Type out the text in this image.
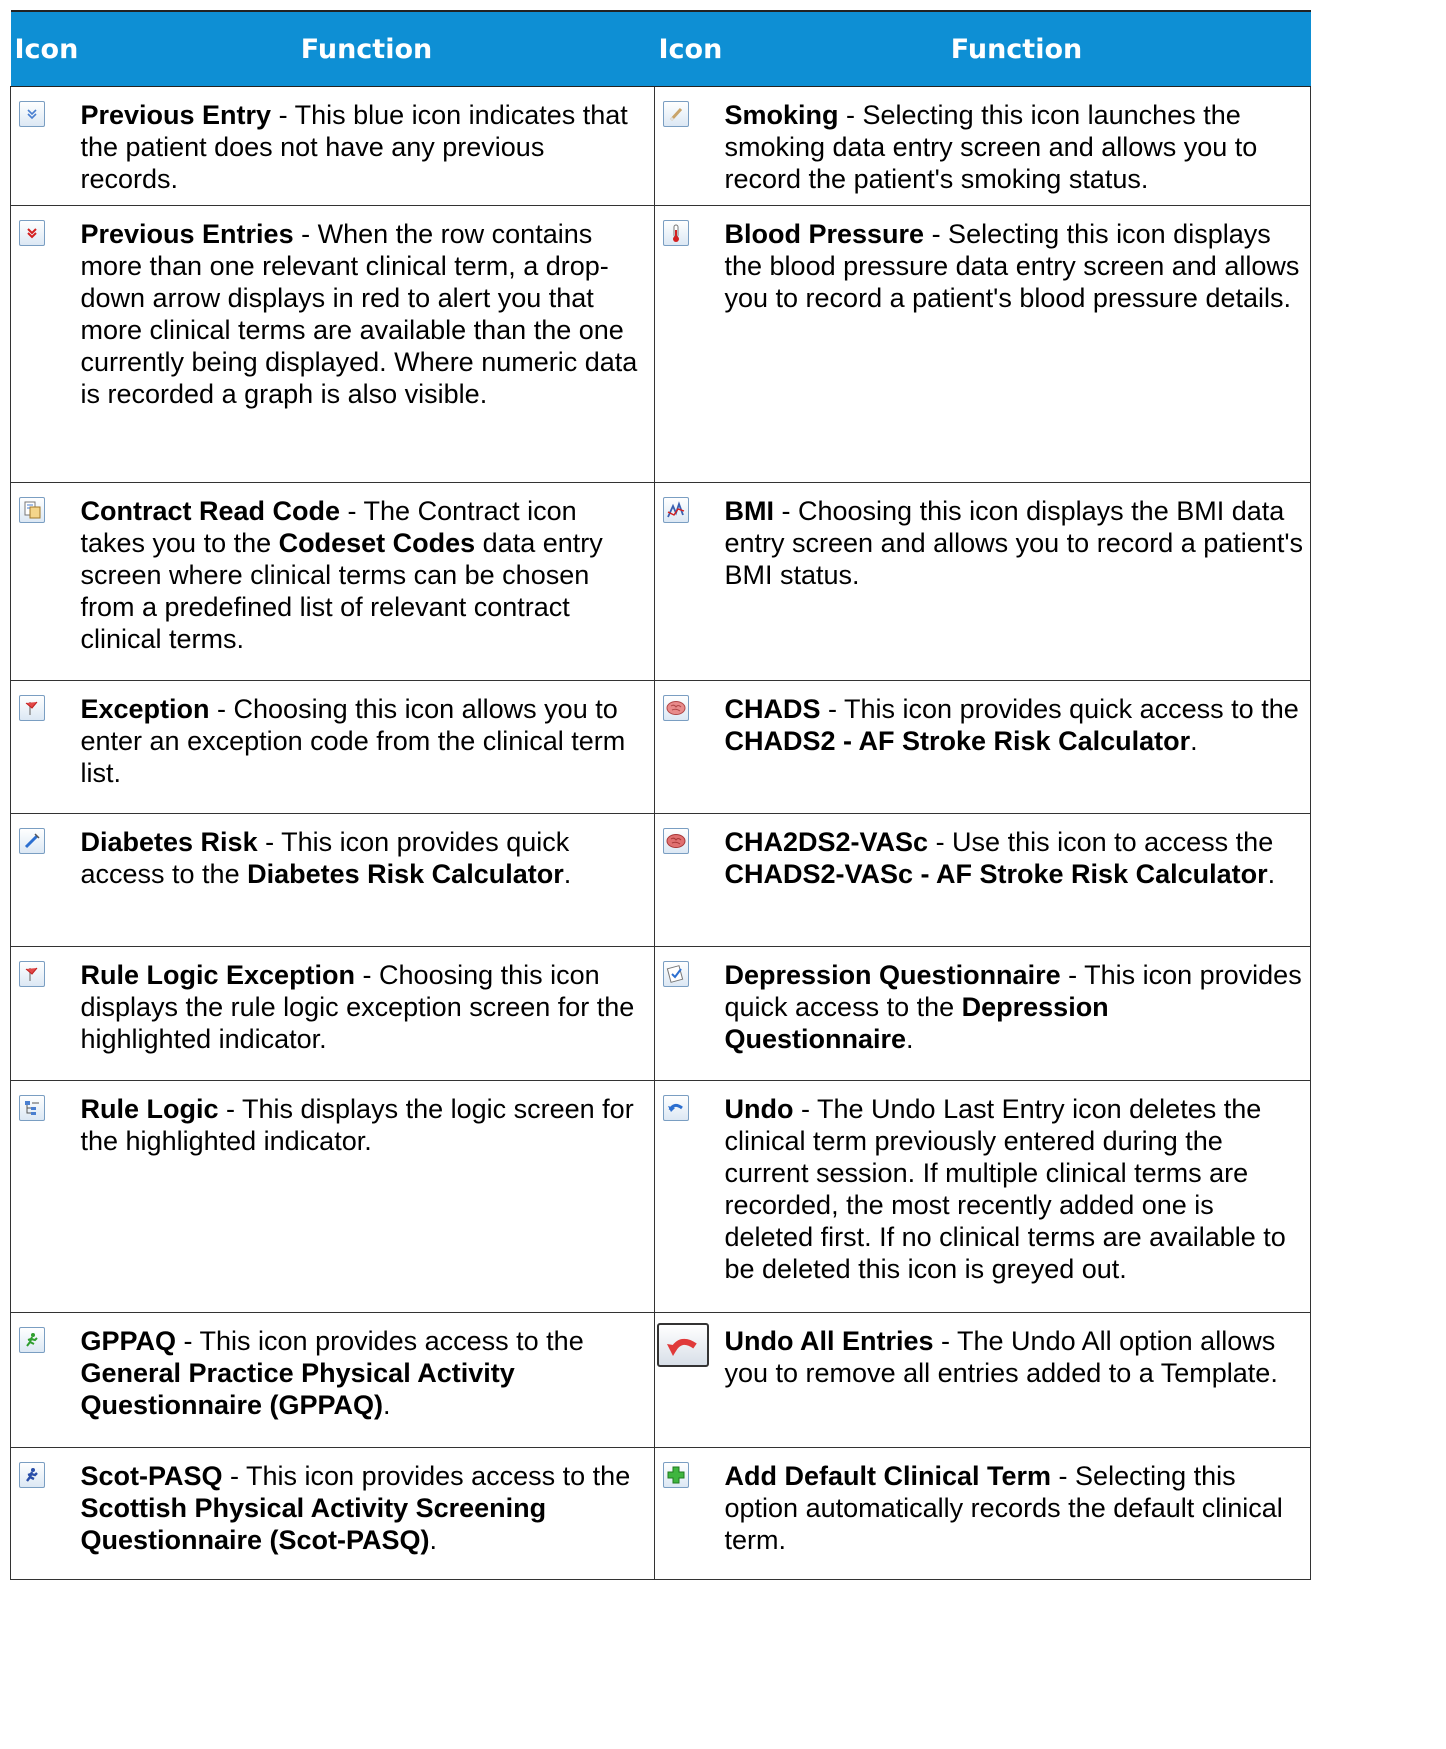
Icon	Function	Icon	Function

	Previous Entry - This blue icon indicates that the patient does not have any previous records.		Smoking - Selecting this icon launches the smoking data entry screen and allows you to record the patient's smoking status.

	Previous Entries - When the row contains more than one relevant clinical term, a drop-down arrow displays in red to alert you that more clinical terms are available than the one currently being displayed. Where numeric data is recorded a graph is also visible.		Blood Pressure - Selecting this icon displays the blood pressure data entry screen and allows you to record a patient's blood pressure details.

	Contract Read Code - The Contract icon takes you to the Codeset Codes data entry screen where clinical terms can be chosen from a predefined list of relevant contract clinical terms.		BMI - Choosing this icon displays the BMI data entry screen and allows you to record a patient's BMI status.

	Exception - Choosing this icon allows you to enter an exception code from the clinical term list.		CHADS - This icon provides quick access to the CHADS2 - AF Stroke Risk Calculator.

	Diabetes Risk - This icon provides quick access to the Diabetes Risk Calculator.		CHA2DS2-VASc - Use this icon to access the CHADS2-VASc - AF Stroke Risk Calculator.

	Rule Logic Exception - Choosing this icon displays the rule logic exception screen for the highlighted indicator.		Depression Questionnaire - This icon provides quick access to the Depression Questionnaire.

	Rule Logic - This displays the logic screen for the highlighted indicator.		Undo - The Undo Last Entry icon deletes the clinical term previously entered during the current session. If multiple clinical terms are recorded, the most recently added one is deleted first. If no clinical terms are available to be deleted this icon is greyed out.

	GPPAQ - This icon provides access to the General Practice Physical Activity Questionnaire (GPPAQ).		Undo All Entries - The Undo All option allows you to remove all entries added to a Template.

	Scot-PASQ - This icon provides access to the Scottish Physical Activity Screening Questionnaire (Scot-PASQ).		Add Default Clinical Term - Selecting this option automatically records the default clinical term.
